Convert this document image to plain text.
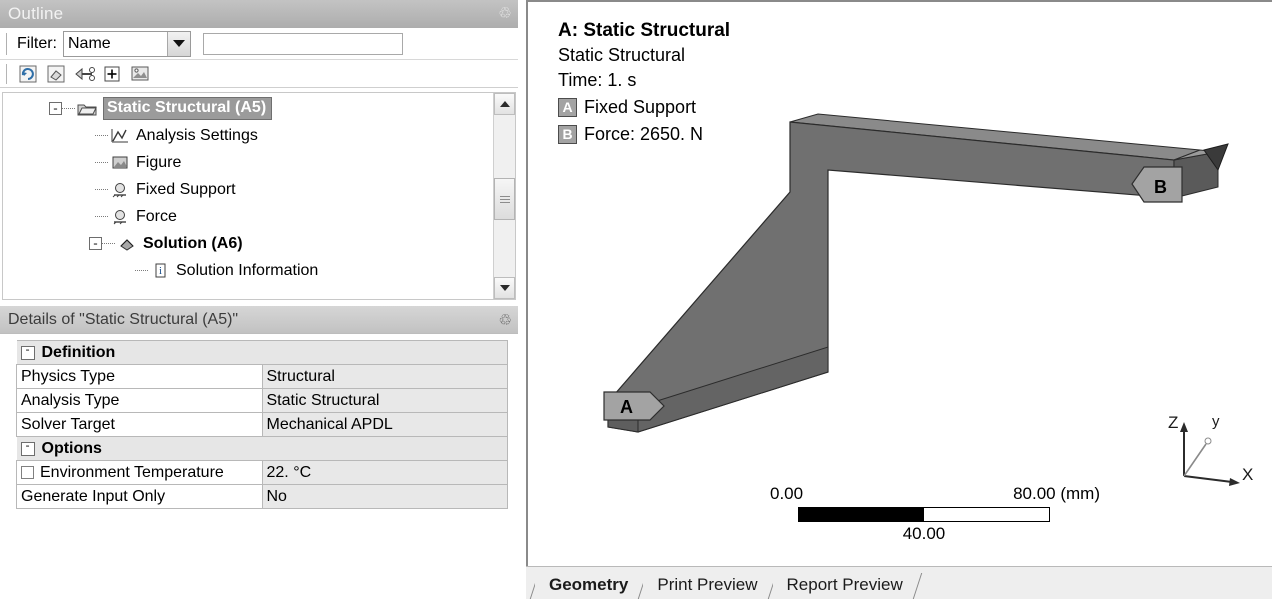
Outline	♲
Filter: Name
-	Static Structural (A5)
Analysis Settings
Figure
Fixed Support
Force
-	Solution (A6)
i Solution Information
Details of "Static Structural (A5)"	♲
- Definition	

Physics Type	Structural
Analysis Type	Static Structural
Solver Target	Mechanical APDL

- Options	

Environment Temperature	22. °C
Generate Input Only	No
A: Static Structural
Static Structural
Time: 1. s
A Fixed Support
B Force: 2650. N
A
B
0.00	80.00 (mm)
40.00
Z y
X
Geometry Print Preview Report Preview
